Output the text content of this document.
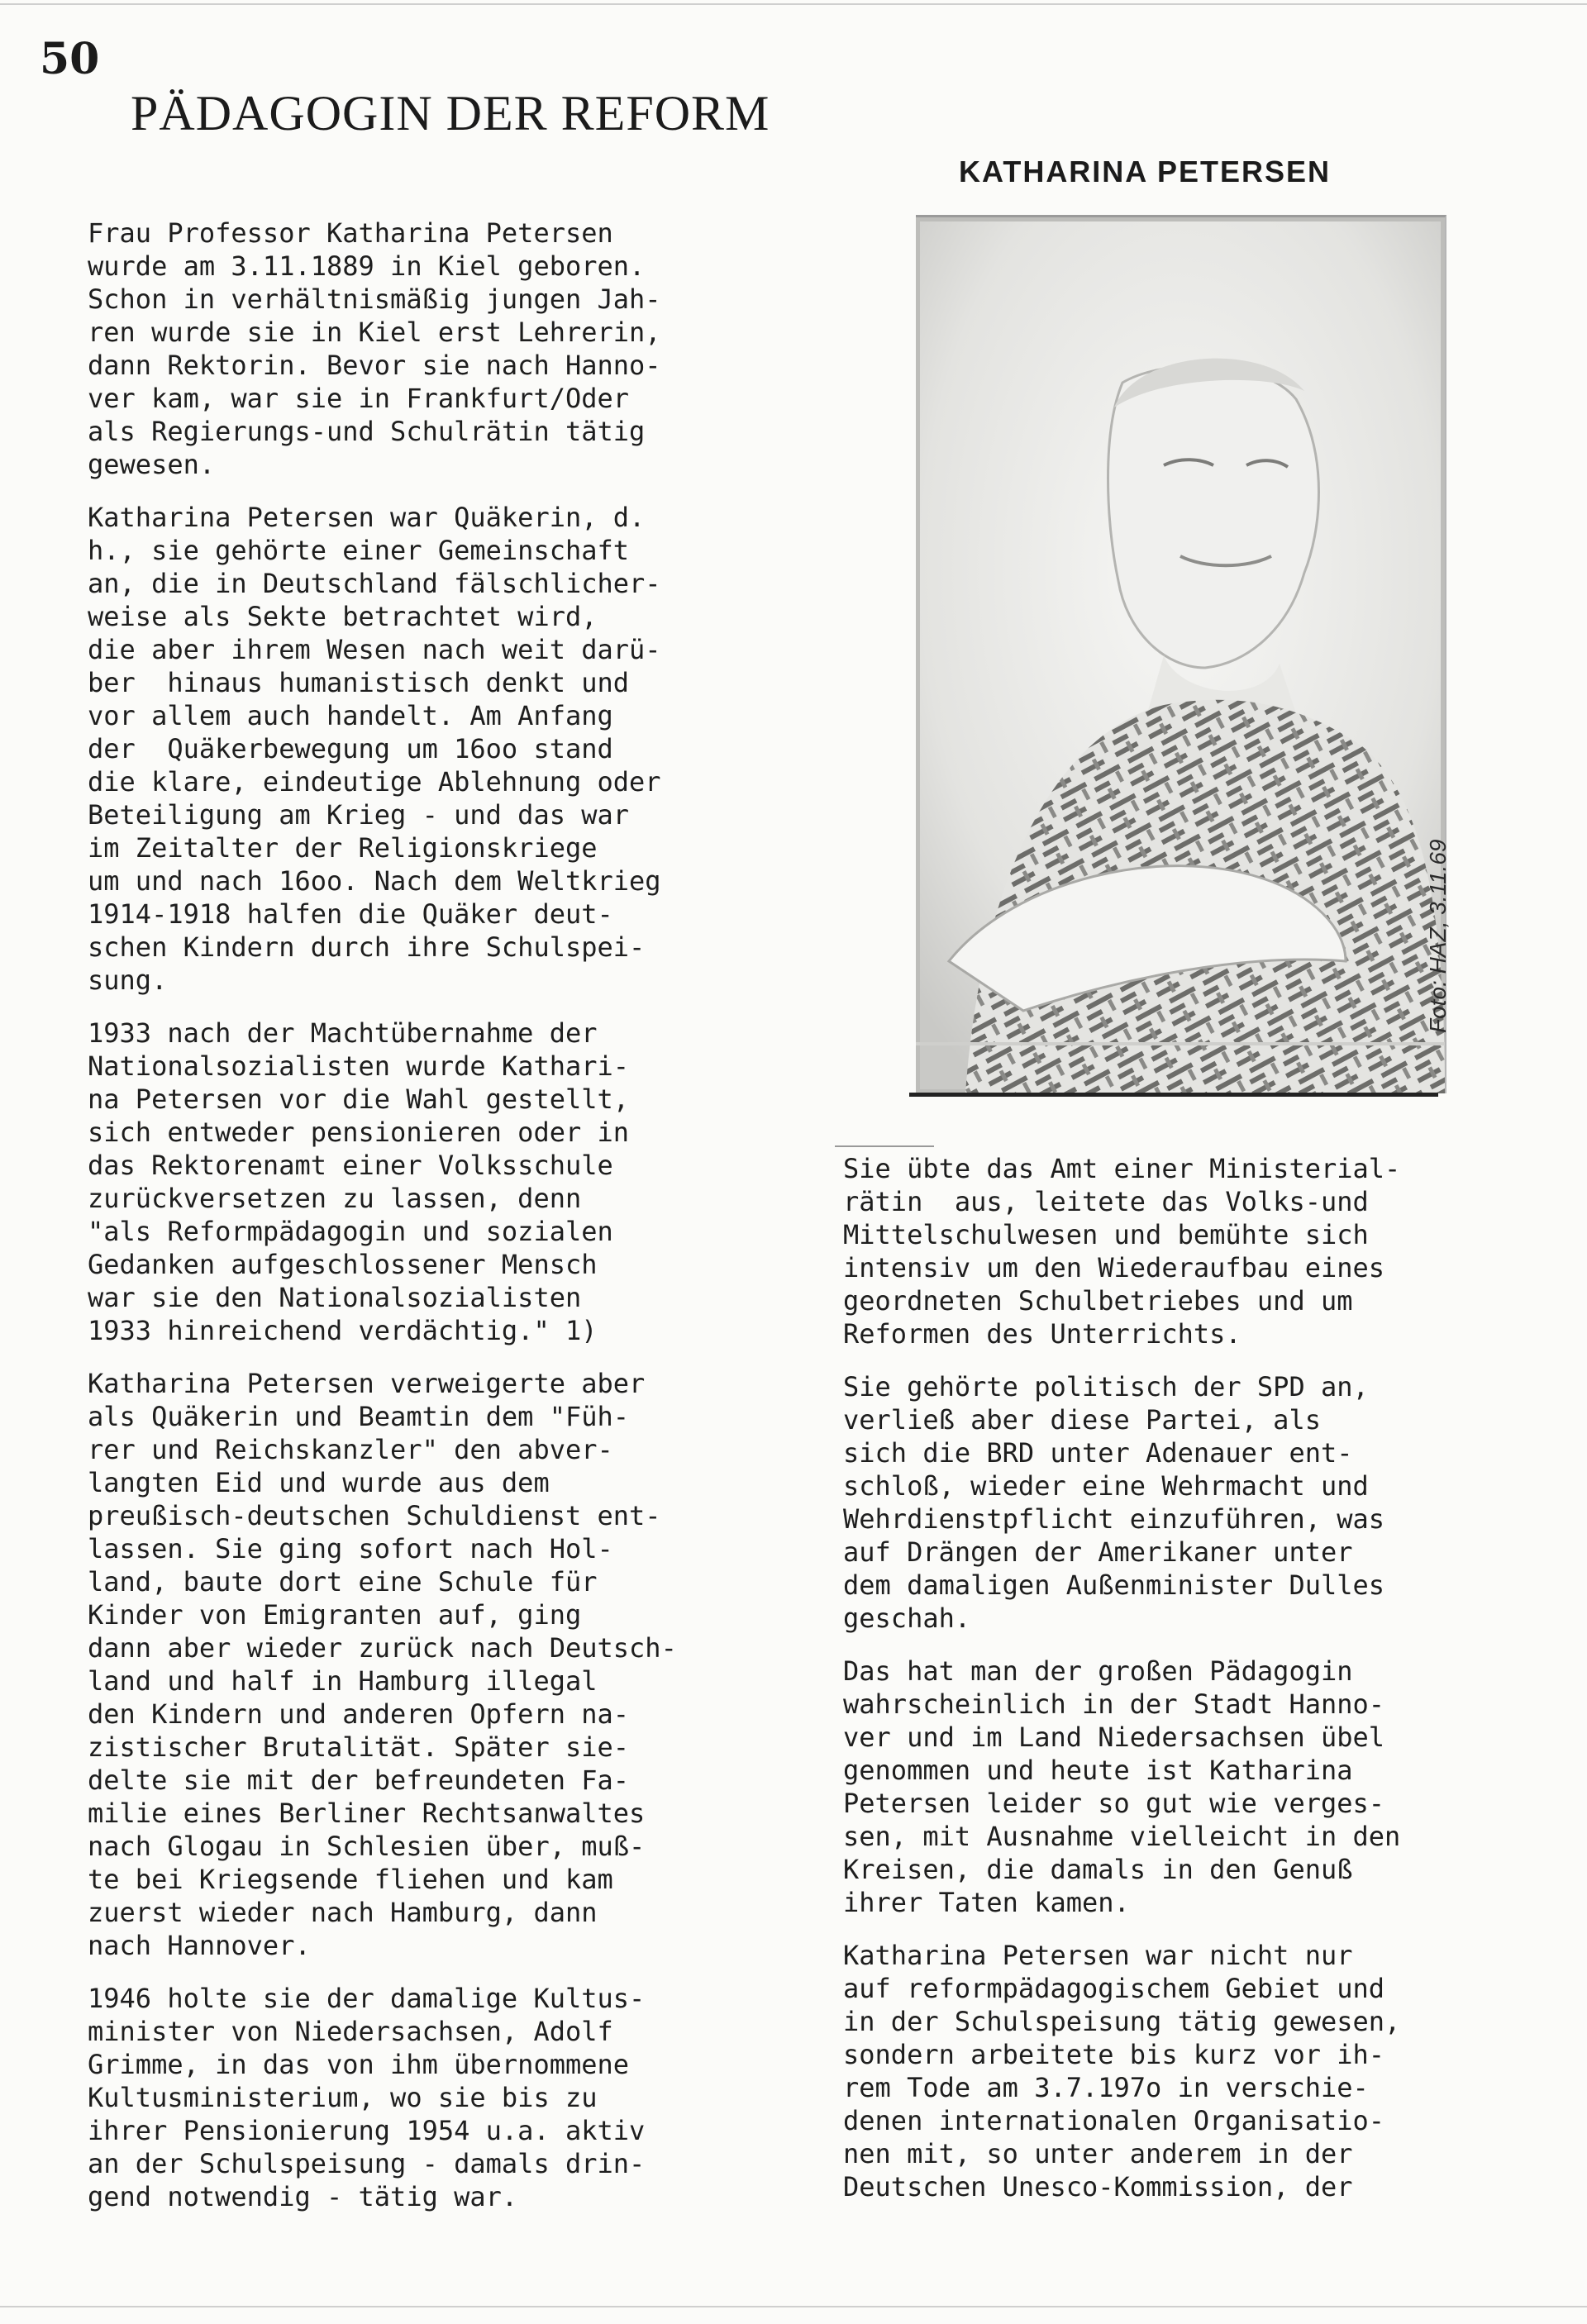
50
PÄDAGOGIN DER REFORM
KATHARINA PETERSEN

Frau Professor Katharina Petersen
wurde am 3.11.1889 in Kiel geboren.
Schon in verhältnismäßig jungen Jah-
ren wurde sie in Kiel erst Lehrerin,
dann Rektorin. Bevor sie nach Hanno-
ver kam, war sie in Frankfurt/Oder
als Regierungs-und Schulrätin tätig
gewesen.

Katharina Petersen war Quäkerin, d.
h., sie gehörte einer Gemeinschaft
an, die in Deutschland fälschlicher-
weise als Sekte betrachtet wird,
die aber ihrem Wesen nach weit darü-
ber  hinaus humanistisch denkt und
vor allem auch handelt. Am Anfang
der  Quäkerbewegung um 16oo stand
die klare, eindeutige Ablehnung oder
Beteiligung am Krieg - und das war
im Zeitalter der Religionskriege
um und nach 16oo. Nach dem Weltkrieg
1914-1918 halfen die Quäker deut-
schen Kindern durch ihre Schulspei-
sung.

1933 nach der Machtübernahme der
Nationalsozialisten wurde Kathari-
na Petersen vor die Wahl gestellt,
sich entweder pensionieren oder in
das Rektorenamt einer Volksschule
zurückversetzen zu lassen, denn
"als Reformpädagogin und sozialen
Gedanken aufgeschlossener Mensch
war sie den Nationalsozialisten
1933 hinreichend verdächtig." 1)

Katharina Petersen verweigerte aber
als Quäkerin und Beamtin dem "Füh-
rer und Reichskanzler" den abver-
langten Eid und wurde aus dem
preußisch-deutschen Schuldienst ent-
lassen. Sie ging sofort nach Hol-
land, baute dort eine Schule für
Kinder von Emigranten auf, ging
dann aber wieder zurück nach Deutsch-
land und half in Hamburg illegal
den Kindern und anderen Opfern na-
zistischer Brutalität. Später sie-
delte sie mit der befreundeten Fa-
milie eines Berliner Rechtsanwaltes
nach Glogau in Schlesien über, muß-
te bei Kriegsende fliehen und kam
zuerst wieder nach Hamburg, dann
nach Hannover.

1946 holte sie der damalige Kultus-
minister von Niedersachsen, Adolf
Grimme, in das von ihm übernommene
Kultusministerium, wo sie bis zu
ihrer Pensionierung 1954 u.a. aktiv
an der Schulspeisung - damals drin-
gend notwendig - tätig war.

Foto: HAZ, 3.11.69

Sie übte das Amt einer Ministerial-
rätin  aus, leitete das Volks-und
Mittelschulwesen und bemühte sich
intensiv um den Wiederaufbau eines
geordneten Schulbetriebes und um
Reformen des Unterrichts.

Sie gehörte politisch der SPD an,
verließ aber diese Partei, als
sich die BRD unter Adenauer ent-
schloß, wieder eine Wehrmacht und
Wehrdienstpflicht einzuführen, was
auf Drängen der Amerikaner unter
dem damaligen Außenminister Dulles
geschah.

Das hat man der großen Pädagogin
wahrscheinlich in der Stadt Hanno-
ver und im Land Niedersachsen übel
genommen und heute ist Katharina
Petersen leider so gut wie verges-
sen, mit Ausnahme vielleicht in den
Kreisen, die damals in den Genuß
ihrer Taten kamen.

Katharina Petersen war nicht nur
auf reformpädagogischem Gebiet und
in der Schulspeisung tätig gewesen,
sondern arbeitete bis kurz vor ih-
rem Tode am 3.7.197o in verschie-
denen internationalen Organisatio-
nen mit, so unter anderem in der
Deutschen Unesco-Kommission, der
